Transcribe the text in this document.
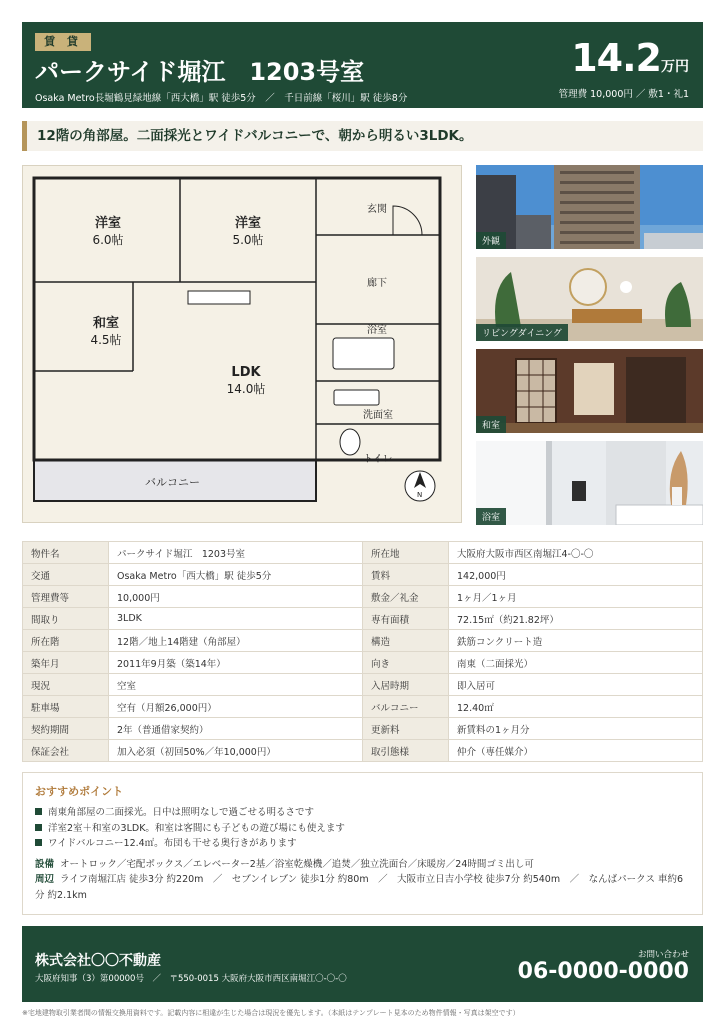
賃 貸
パークサイド堀江　1203号室
Osaka Metro長堀鶴見緑地線「西大橋」駅 徒歩5分　／　千日前線「桜川」駅 徒歩8分
14.2万円
管理費 10,000円 ／ 敷1・礼1
12階の角部屋。二面採光とワイドバルコニーで、朝から明るい3LDK。
洋室
6.0帖
洋室
5.0帖
和室
4.5帖
LDK
14.0帖
玄関
廊下
浴室
洗面室
トイレ
バルコニー
N
外観
リビングダイニング
和室
浴室
物件名	パークサイド堀江　1203号室	所在地	大阪府大阪市西区南堀江4-〇-〇
交通	Osaka Metro「西大橋」駅 徒歩5分	賃料	142,000円
管理費等	10,000円	敷金／礼金	1ヶ月／1ヶ月
間取り	3LDK	専有面積	72.15㎡（約21.82坪）
所在階	12階／地上14階建（角部屋）	構造	鉄筋コンクリート造
築年月	2011年9月築（築14年）	向き	南東（二面採光）
現況	空室	入居時期	即入居可
駐車場	空有（月額26,000円）	バルコニー	12.40㎡
契約期間	2年（普通借家契約）	更新料	新賃料の1ヶ月分
保証会社	加入必須（初回50%／年10,000円）	取引態様	仲介（専任媒介）
おすすめポイント
南東角部屋の二面採光。日中は照明なしで過ごせる明るさです
洋室2室＋和室の3LDK。和室は客間にも子どもの遊び場にも使えます
ワイドバルコニー12.4㎡。布団も干せる奥行きがあります
設備 オートロック／宅配ボックス／エレベーター2基／浴室乾燥機／追焚／独立洗面台／床暖房／24時間ゴミ出し可
周辺 ライフ南堀江店 徒歩3分 約220m　／　セブンイレブン 徒歩1分 約80m　／　大阪市立日吉小学校 徒歩7分 約540m　／　なんばパークス 車約6分 約2.1km
株式会社〇〇不動産
大阪府知事（3）第00000号　／　〒550-0015 大阪府大阪市西区南堀江〇-〇-〇
お問い合わせ
06-0000-0000
※宅地建物取引業者間の情報交換用資料です。記載内容に相違が生じた場合は現況を優先します。（本紙はテンプレート見本のため物件情報・写真は架空です）
